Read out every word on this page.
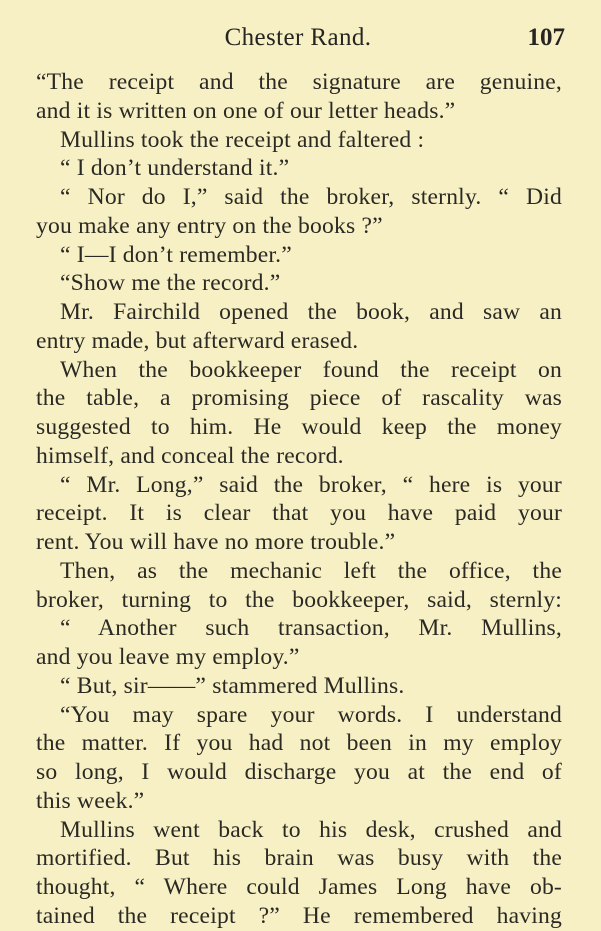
Chester Rand.	107
“The receipt and the signature are genuine,
and it is written on one of our letter heads.”
Mullins took the receipt and faltered :
“ I don’t understand it.”
“ Nor do I,” said the broker, sternly. “ Did
you make any entry on the books ?”
“ I—I don’t remember.”
“Show me the record.”
Mr. Fairchild opened the book, and saw an
entry made, but afterward erased.
When the bookkeeper found the receipt on
the table, a promising piece of rascality was
suggested to him. He would keep the money
himself, and conceal the record.
“ Mr. Long,” said the broker, “ here is your
receipt. It is clear that you have paid your
rent. You will have no more trouble.”
Then, as the mechanic left the office, the
broker, turning to the bookkeeper, said, sternly:
“ Another such transaction, Mr. Mullins,
and you leave my employ.”
“ But, sir——” stammered Mullins.
“You may spare your words. I understand
the matter. If you had not been in my employ
so long, I would discharge you at the end of
this week.”
Mullins went back to his desk, crushed and
mortified. But his brain was busy with the
thought, “ Where could James Long have ob-
tained the receipt ?” He remembered having
